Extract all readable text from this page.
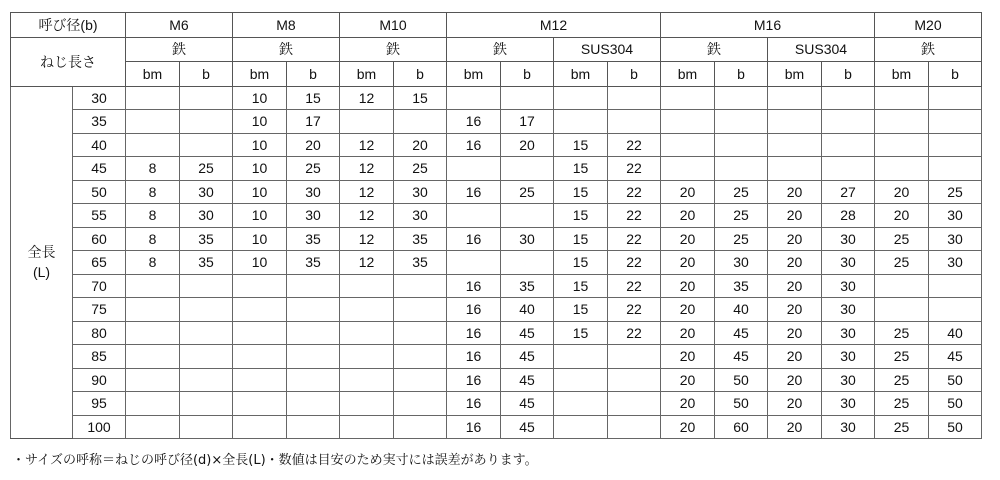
呼び径(b)		M6		M8		M10		M12				M16				M20	
ねじ長さ		鉄		鉄		鉄		鉄		SUS304		鉄		SUS304		鉄	
		bm	b	bm	b	bm	b	bm	b	bm	b	bm	b	bm	b	bm	b

全長
(L)	30			10	15	12	15										
	35			10	17			16	17								
	40			10	20	12	20	16	20	15	22						
	45	8	25	10	25	12	25			15	22						
	50	8	30	10	30	12	30	16	25	15	22	20	25	20	27	20	25
	55	8	30	10	30	12	30			15	22	20	25	20	28	20	30
	60	8	35	10	35	12	35	16	30	15	22	20	25	20	30	25	30
	65	8	35	10	35	12	35			15	22	20	30	20	30	25	30
	70							16	35	15	22	20	35	20	30		
	75							16	40	15	22	20	40	20	30		
	80							16	45	15	22	20	45	20	30	25	40
	85							16	45			20	45	20	30	25	45
	90							16	45			20	50	20	30	25	50
	95							16	45			20	50	20	30	25	50
	100							16	45			20	60	20	30	25	50
・サイズの呼称＝ねじの呼び径(d)×全長(L)・数値は目安のため実寸には誤差があります。
